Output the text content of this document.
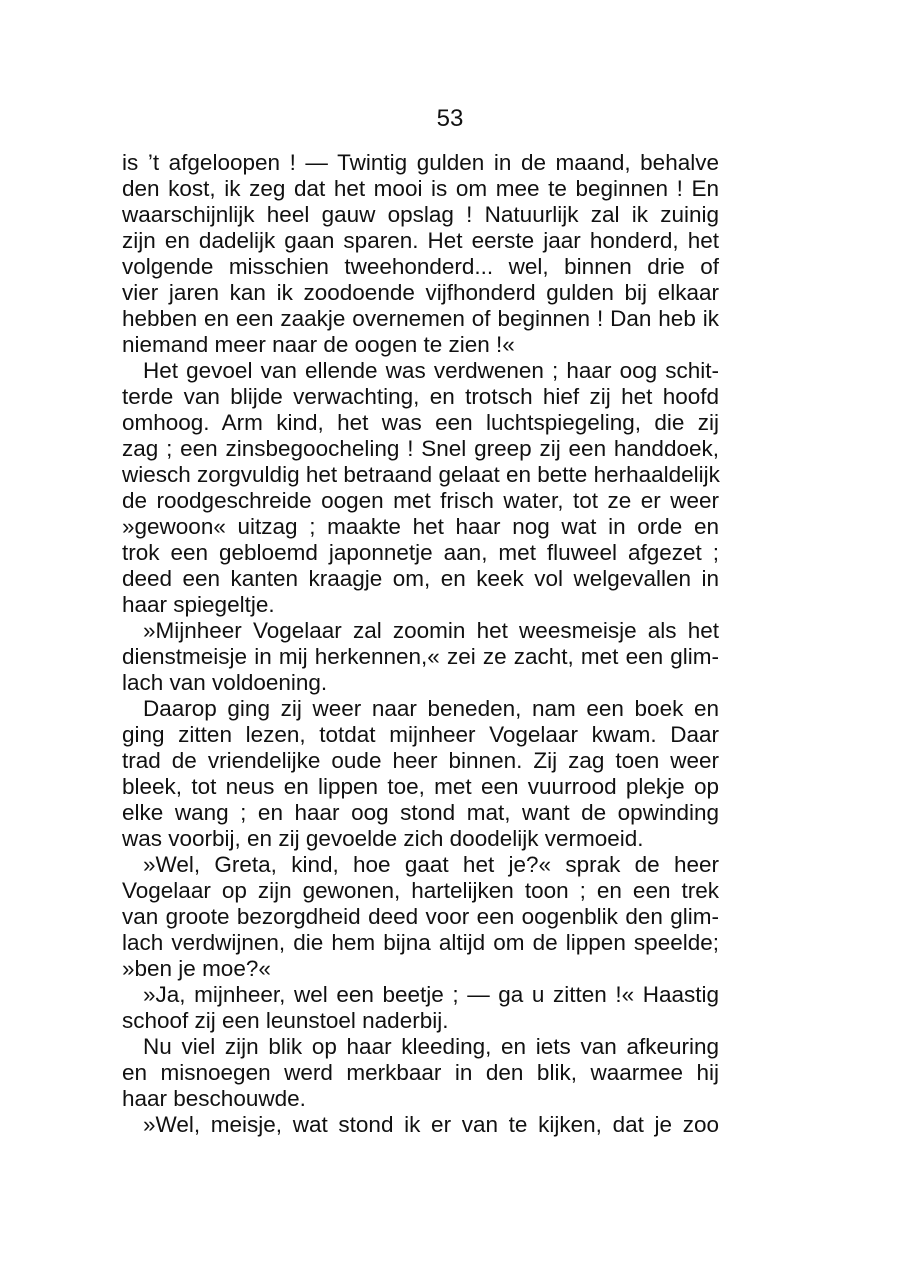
53
is ’t afgeloopen ! — Twintig gulden in de maand, behalve
den kost, ik zeg dat het mooi is om mee te beginnen ! En
waarschijnlijk heel gauw opslag ! Natuurlijk zal ik zuinig
zijn en dadelijk gaan sparen. Het eerste jaar honderd, het
volgende misschien tweehonderd... wel, binnen drie of
vier jaren kan ik zoodoende vijfhonderd gulden bij elkaar
hebben en een zaakje overnemen of beginnen ! Dan heb ik
niemand meer naar de oogen te zien !«
Het gevoel van ellende was verdwenen ; haar oog schit-
terde van blijde verwachting, en trotsch hief zij het hoofd
omhoog. Arm kind, het was een luchtspiegeling, die zij
zag ; een zinsbegoocheling ! Snel greep zij een handdoek,
wiesch zorgvuldig het betraand gelaat en bette herhaaldelijk
de roodgeschreide oogen met frisch water, tot ze er weer
»gewoon« uitzag ; maakte het haar nog wat in orde en
trok een gebloemd japonnetje aan, met fluweel afgezet ;
deed een kanten kraagje om, en keek vol welgevallen in
haar spiegeltje.
»Mijnheer Vogelaar zal zoomin het weesmeisje als het
dienstmeisje in mij herkennen,« zei ze zacht, met een glim-
lach van voldoening.
Daarop ging zij weer naar beneden, nam een boek en
ging zitten lezen, totdat mijnheer Vogelaar kwam. Daar
trad de vriendelijke oude heer binnen. Zij zag toen weer
bleek, tot neus en lippen toe, met een vuurrood plekje op
elke wang ; en haar oog stond mat, want de opwinding
was voorbij, en zij gevoelde zich doodelijk vermoeid.
»Wel, Greta, kind, hoe gaat het je?« sprak de heer
Vogelaar op zijn gewonen, hartelijken toon ; en een trek
van groote bezorgdheid deed voor een oogenblik den glim-
lach verdwijnen, die hem bijna altijd om de lippen speelde;
»ben je moe?«
»Ja, mijnheer, wel een beetje ; — ga u zitten !« Haastig
schoof zij een leunstoel naderbij.
Nu viel zijn blik op haar kleeding, en iets van afkeuring
en misnoegen werd merkbaar in den blik, waarmee hij
haar beschouwde.
»Wel, meisje, wat stond ik er van te kijken, dat je zoo
